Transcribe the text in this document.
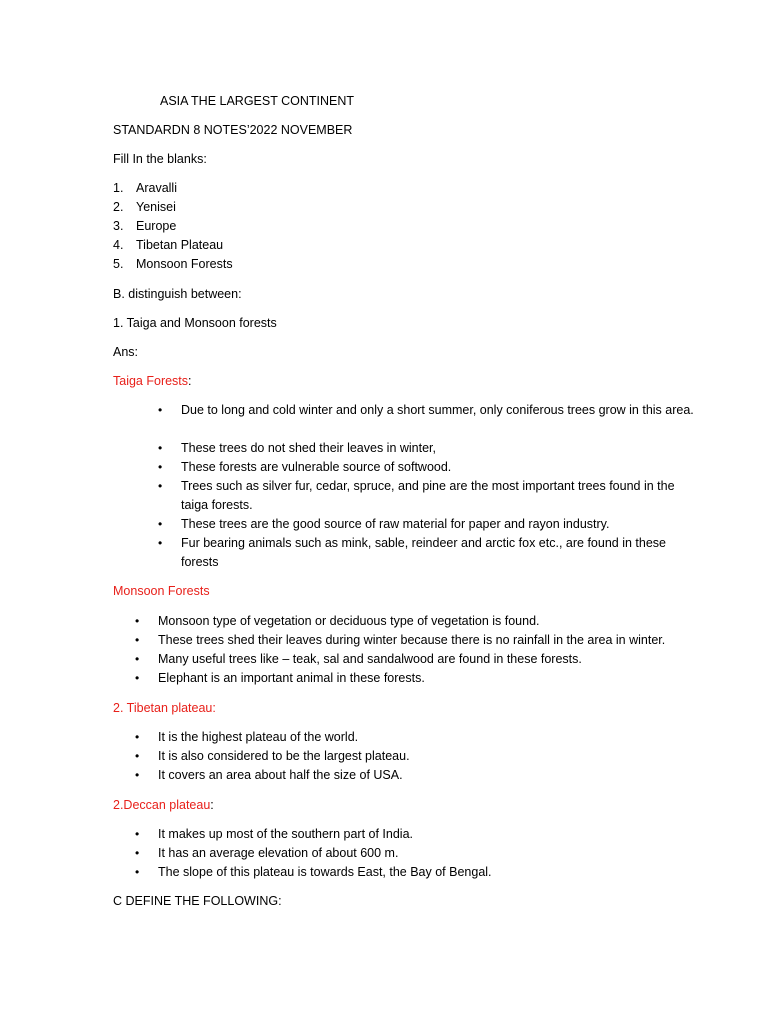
ASIA THE LARGEST CONTINENT
STANDARDN 8 NOTES’2022 NOVEMBER
Fill In the blanks:
1. Aravalli
2. Yenisei
3. Europe
4. Tibetan Plateau
5. Monsoon Forests
B. distinguish between:
1. Taiga and Monsoon forests
Ans:
Taiga Forests:
• Due to long and cold winter and only a short summer, only coniferous trees grow in this area.
• These trees do not shed their leaves in winter,
• These forests are vulnerable source of softwood.
• Trees such as silver fur, cedar, spruce, and pine are the most important trees found in the taiga forests.
• These trees are the good source of raw material for paper and rayon industry.
• Fur bearing animals such as mink, sable, reindeer and arctic fox etc., are found in these forests
Monsoon Forests
• Monsoon type of vegetation or deciduous type of vegetation is found.
• These trees shed their leaves during winter because there is no rainfall in the area in winter.
• Many useful trees like – teak, sal and sandalwood are found in these forests.
• Elephant is an important animal in these forests.
2. Tibetan plateau:
• It is the highest plateau of the world.
• It is also considered to be the largest plateau.
• It covers an area about half the size of USA.
2.Deccan plateau:
• It makes up most of the southern part of India.
• It has an average elevation of about 600 m.
• The slope of this plateau is towards East, the Bay of Bengal.
C DEFINE THE FOLLOWING:
